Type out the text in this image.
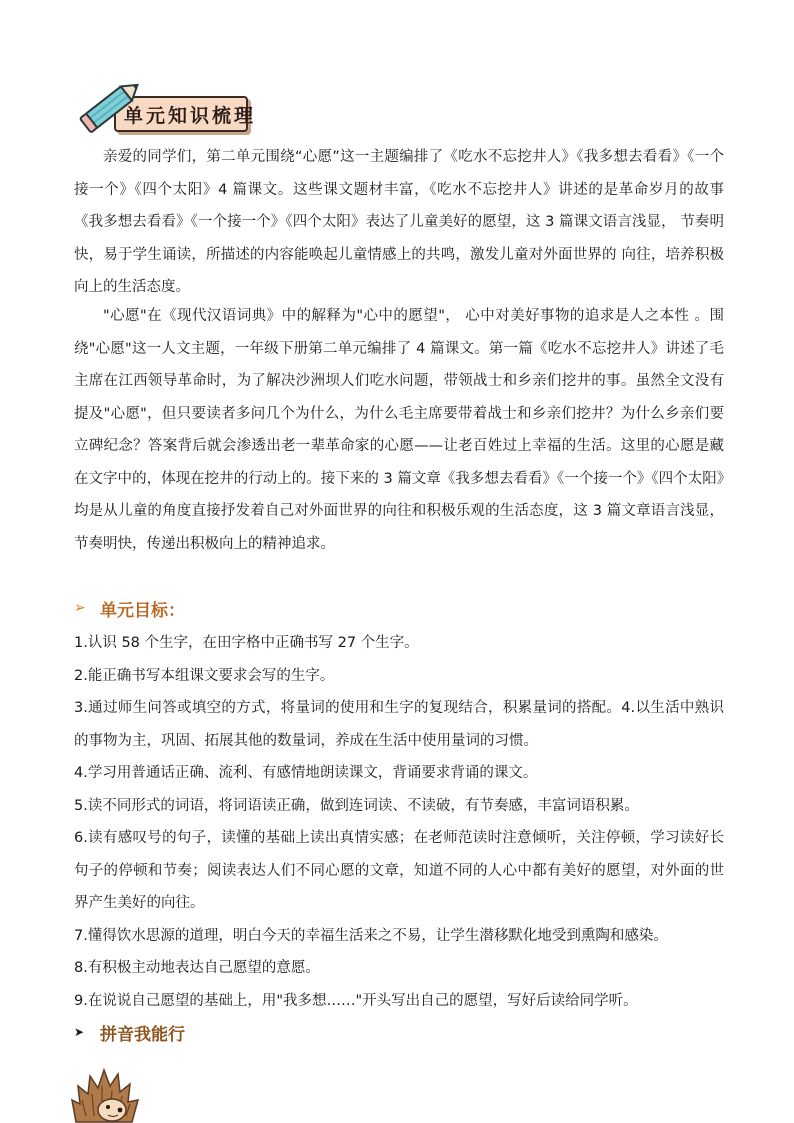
单元知识梳理

亲爱的同学们，第二单元围绕“心愿”这一主题编排了《吃水不忘挖井人》《我多想去看看》《一个接一个》《四个太阳》4 篇课文。这些课文题材丰富，《吃水不忘挖井人》讲述的是革命岁月的故事《我多想去看看》《一个接一个》《四个太阳》表达了儿童美好的愿望，这 3 篇课文语言浅显， 节奏明快，易于学生诵读，所描述的内容能唤起儿童情感上的共鸣，激发儿童对外面世界的 向往，培养积极向上的生活态度。

"心愿"在《现代汉语词典》中的解释为"心中的愿望"， 心中对美好事物的追求是人之本性 。围绕"心愿"这一人文主题，一年级下册第二单元编排了 4 篇课文。第一篇《吃水不忘挖井人》讲述了毛主席在江西领导革命时，为了解决沙洲坝人们吃水问题，带领战士和乡亲们挖井的事。虽然全文没有提及"心愿"，但只要读者多问几个为什么，为什么毛主席要带着战士和乡亲们挖井？为什么乡亲们要立碑纪念？答案背后就会渗透出老一辈革命家的心愿——让老百姓过上幸福的生活。这里的心愿是藏在文字中的，体现在挖井的行动上的。接下来的 3 篇文章《我多想去看看》《一个接一个》《四个太阳》均是从儿童的角度直接抒发着自己对外面世界的向往和积极乐观的生活态度，这 3 篇文章语言浅显，节奏明快，传递出积极向上的精神追求。

➢ 单元目标：
1.认识 58 个生字，在田字格中正确书写 27 个生字。
2.能正确书写本组课文要求会写的生字。
3.通过师生问答或填空的方式，将量词的使用和生字的复现结合，积累量词的搭配。4.以生活中熟识的事物为主，巩固、拓展其他的数量词，养成在生活中使用量词的习惯。
4.学习用普通话正确、流利、有感情地朗读课文，背诵要求背诵的课文。
5.读不同形式的词语，将词语读正确，做到连词读、不读破，有节奏感，丰富词语积累。
6.读有感叹号的句子，读懂的基础上读出真情实感；在老师范读时注意倾听，关注停顿，学习读好长句子的停顿和节奏；阅读表达人们不同心愿的文章，知道不同的人心中都有美好的愿望，对外面的世界产生美好的向往。
7.懂得饮水思源的道理，明白今天的幸福生活来之不易，让学生潜移默化地受到熏陶和感染。
8.有积极主动地表达自己愿望的意愿。
9.在说说自己愿望的基础上，用"我多想……"开头写出自己的愿望，写好后读给同学听。
➤ 拼音我能行
